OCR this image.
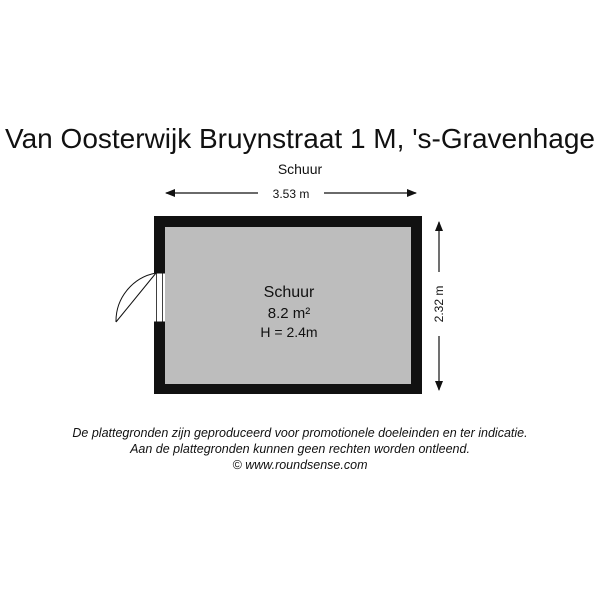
Van Oosterwijk Bruynstraat 1 M, 's-Gravenhage
Schuur
3.53 m
2.32 m
Schuur
8.2 m²
H = 2.4m
De plattegronden zijn geproduceerd voor promotionele doeleinden en ter indicatie.
Aan de plattegronden kunnen geen rechten worden ontleend.
© www.roundsense.com
